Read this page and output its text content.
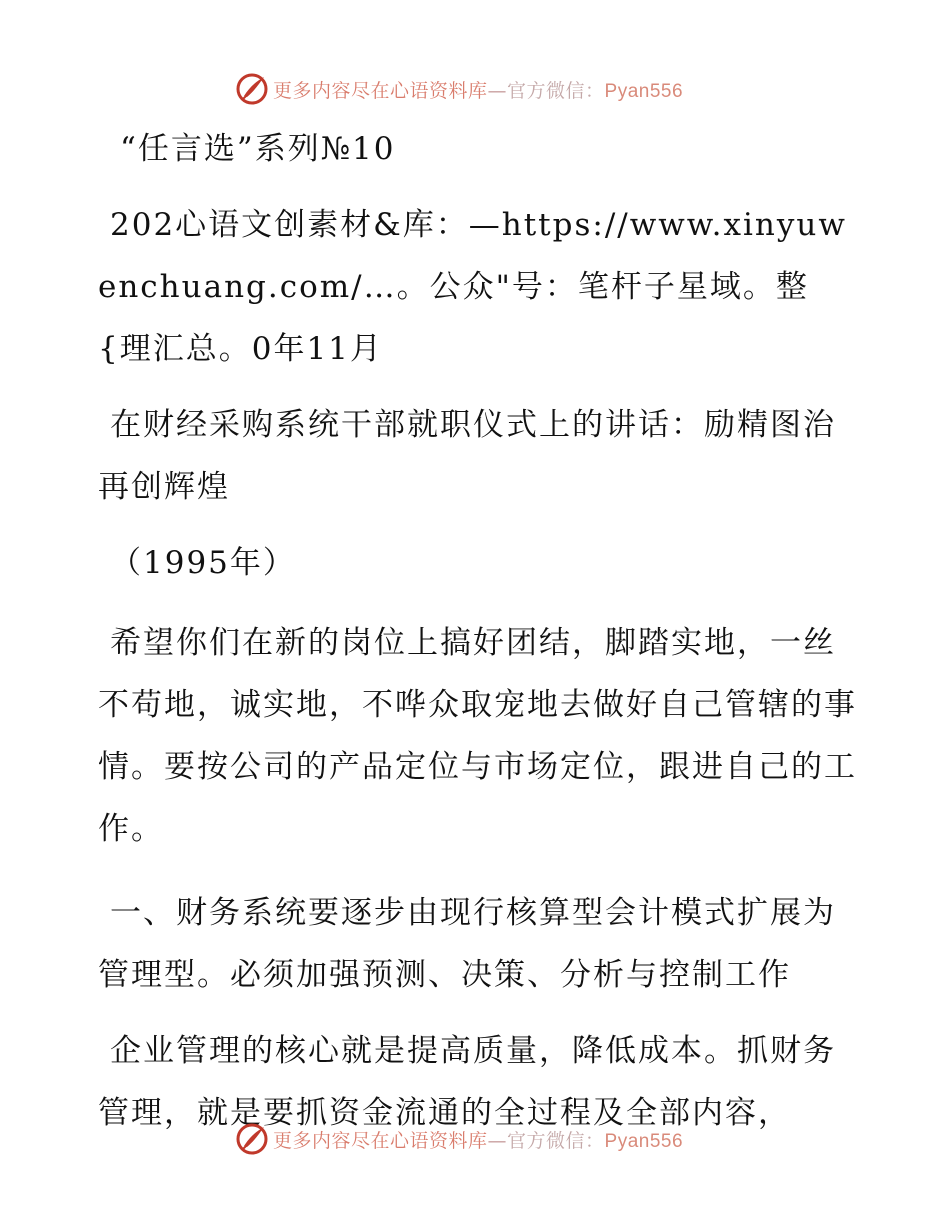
更多内容尽在心语资料库—官方微信：Pyan556

“任言选”系列№10

202心语文创素材&库：—https://www.xinyuwenchuang.com/…。公众"号：笔杆子星域。整{理汇总。0年11月

在财经采购系统干部就职仪式上的讲话：励精图治　再创辉煌

（1995年）

希望你们在新的岗位上搞好团结，脚踏实地，一丝不苟地，诚实地，不哗众取宠地去做好自己管辖的事情。要按公司的产品定位与市场定位，跟进自己的工作。

一、财务系统要逐步由现行核算型会计模式扩展为管理型。必须加强预测、决策、分析与控制工作

企业管理的核心就是提高质量，降低成本。抓财务管理，就是要抓资金流通的全过程及全部内容，

更多内容尽在心语资料库—官方微信：Pyan556
